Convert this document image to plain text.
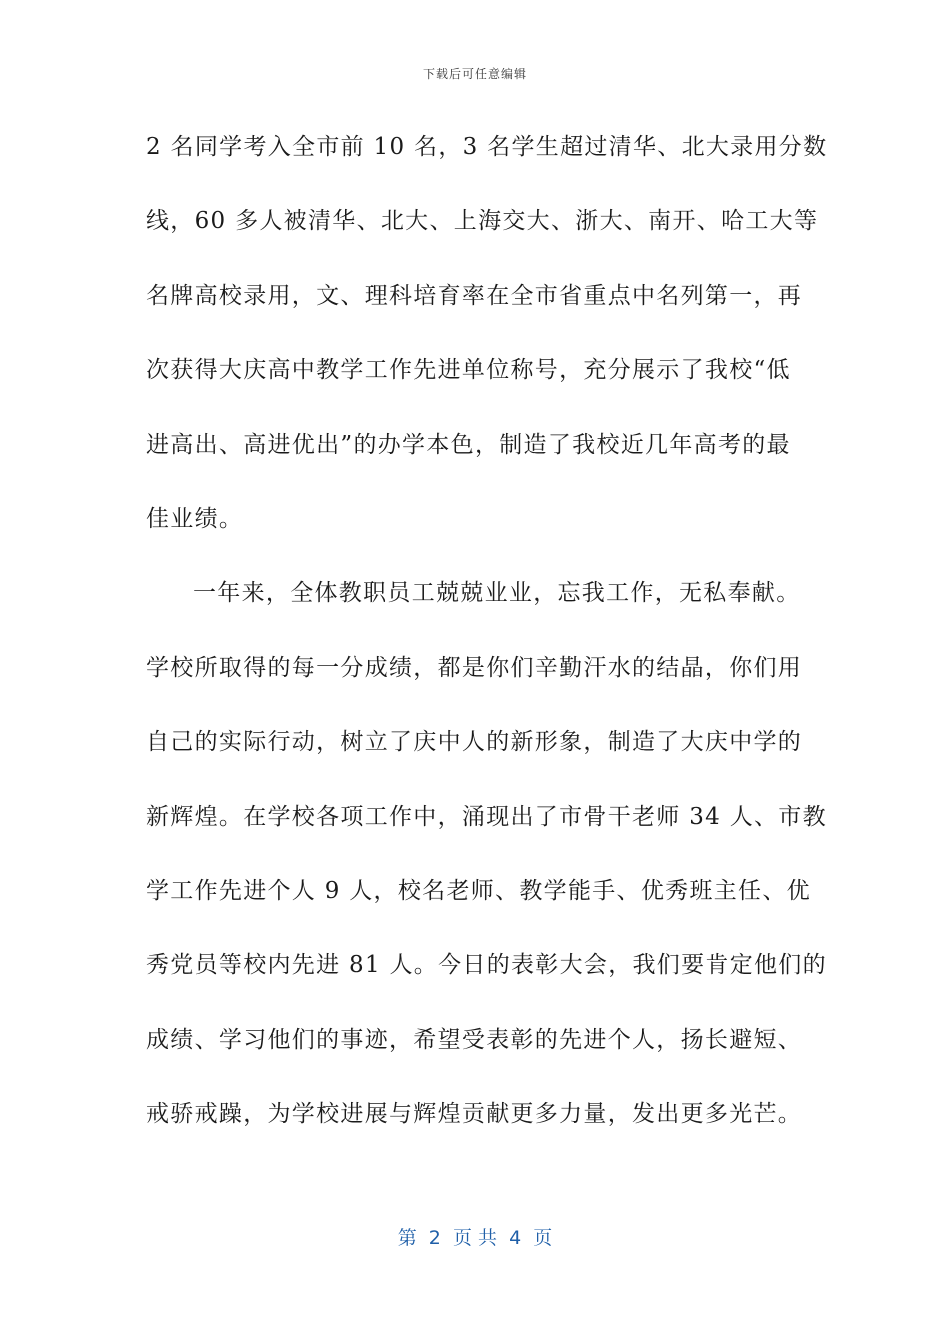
下载后可任意编辑
2 名同学考入全市前 10 名，3 名学生超过清华、北大录用分数
线，60 多人被清华、北大、上海交大、浙大、南开、哈工大等
名牌高校录用，文、理科培育率在全市省重点中名列第一，再
次获得大庆高中教学工作先进单位称号，充分展示了我校“低
进高出、高进优出”的办学本色，制造了我校近几年高考的最
佳业绩。
一年来，全体教职员工兢兢业业，忘我工作，无私奉献。
学校所取得的每一分成绩，都是你们辛勤汗水的结晶，你们用
自己的实际行动，树立了庆中人的新形象，制造了大庆中学的
新辉煌。在学校各项工作中，涌现出了市骨干老师 34 人、市教
学工作先进个人 9 人，校名老师、教学能手、优秀班主任、优
秀党员等校内先进 81 人。今日的表彰大会，我们要肯定他们的
成绩、学习他们的事迹，希望受表彰的先进个人，扬长避短、
戒骄戒躁，为学校进展与辉煌贡献更多力量，发出更多光芒。
第  2  页 共  4  页
